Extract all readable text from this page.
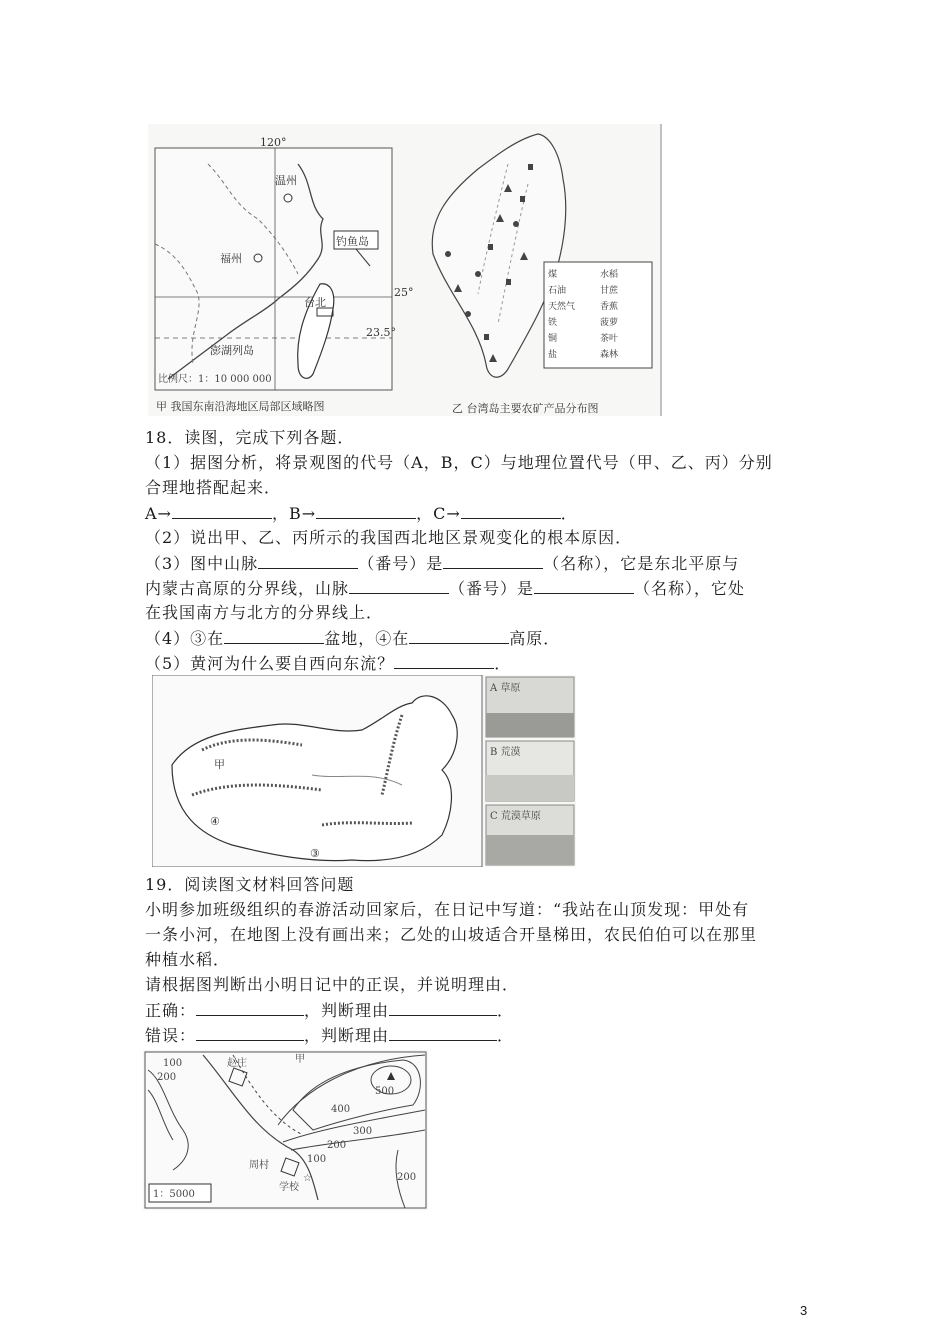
120°
温州
福州
钓鱼岛
台北
25°
23.5°
澎湖列岛
比例尺：1：10 000 000
甲 我国东南沿海地区局部区域略图
煤	水稻
石油	甘蔗
天然气	香蕉
铁	菠萝
铜	茶叶
盐	森林
乙 台湾岛主要农矿产品分布图
18．读图，完成下列各题．
（1）据图分析，将景观图的代号（A，B，C）与地理位置代号（甲、乙、丙）分别
合理地搭配起来．
A→	，B→	，C→	．
（2）说出甲、乙、丙所示的我国西北地区景观变化的根本原因．
（3）图中山脉	（番号）是	（名称），它是东北平原与
内蒙古高原的分界线，山脉	（番号）是	（名称），它处
在我国南方与北方的分界线上．
（4）③在	盆地，④在	高原．
（5）黄河为什么要自西向东流？	．
甲
④
③
A 草原
B 荒漠
C 荒漠草原
19．阅读图文材料回答问题
小明参加班级组织的春游活动回家后，在日记中写道：“我站在山顶发现：甲处有
一条小河，在地图上没有画出来；乙处的山坡适合开垦梯田，农民伯伯可以在那里
种植水稻．
请根据图判断出小明日记中的正误，并说明理由．
正确：	，判断理由	．
错误：	，判断理由	．
☆
1：5000
100
200
赵庄	甲
500
400
300
200
100
200
周村
学校
3
